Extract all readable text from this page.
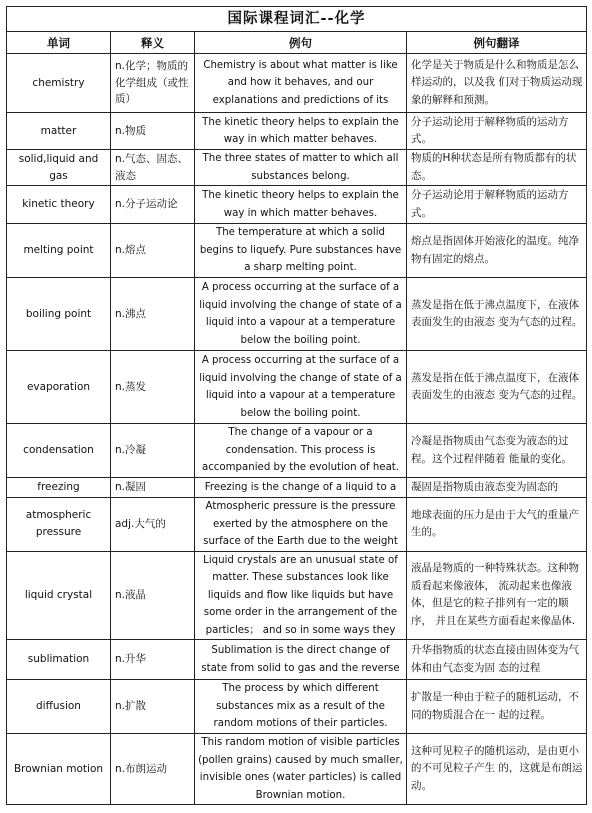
国际课程词汇--化学			
单词	释义	例句	例句翻译
chemistry	n.化学；物质的化学组成（或性质）	Chemistry is about what matter is like and how it behaves, and our explanations and predictions of its	化学是关于物质是什么和物质是怎么样运动的，以及我 们对于物质运动现象的解释和预测。
matter	n.物质	The kinetic theory helps to explain the way in which matter behaves.	分子运动论用于解释物质的运动方式。
solid,liquid and gas	n.气态、固态、液态	The three states of matter to which all substances belong.	物质的H种状态是所有物质都有的状态。
kinetic theory	n.分子运动论	The kinetic theory helps to explain the way in which matter behaves.	分子运动论用于解释物质的运动方式。
melting point	n.熔点	The temperature at which a solid begins to liquefy. Pure substances have a sharp melting point.	熔点是指固体开始液化的温度。纯净物有固定的熔点。
boiling point	n.沸点	A process occurring at the surface of a liquid involving the change of state of a liquid into a vapour at a temperature below the boiling point.	蒸发是指在低于沸点温度下，在液体表面发生的由液态 变为气态的过程。
evaporation	n.蒸发	A process occurring at the surface of a liquid involving the change of state of a liquid into a vapour at a temperature below the boiling point.	蒸发是指在低于沸点温度下，在液体表面发生的由液态 变为气态的过程。
condensation	n.冷凝	The change of a vapour or a condensation. This process is accompanied by the evolution of heat.	冷凝是指物质由气态变为液态的过程。这个过程伴随着 能量的变化。
freezing	n.凝固	Freezing is the change of a liquid to a	凝固是指物质由液态变为固态的
atmospheric pressure	adj.大气的	Atmospheric pressure is the pressure exerted by the atmosphere on the surface of the Earth due to the weight	地球表面的压力是由于大气的重量产生的。
liquid crystal	n.液晶	Liquid crystals are an unusual state of matter. These substances look like liquids and flow like liquids but have some order in the arrangement of the particles； and so in some ways they	液晶是物质的一种特殊状态。这种物质看起来像液体， 流动起来也像液体，但是它的粒子排列有一定的顺序， 并且在某些方面看起来像晶体.
sublimation	n.升华	Sublimation is the direct change of state from solid to gas and the reverse	升华指物质的状态直接由固体变为气体和由气态变为固 态的过程
diffusion	n.扩散	The process by which different substances mix as a result of the random motions of their particles.	扩散是一种由于粒子的随机运动，不同的物质混合在一 起的过程。
Brownian motion	n.布朗运动	This random motion of visible particles (pollen grains) caused by much smaller, invisible ones (water particles) is called Brownian motion.	这种可见粒子的随机运动，是由更小的不可见粒子产生 的，这就是布朗运动。
